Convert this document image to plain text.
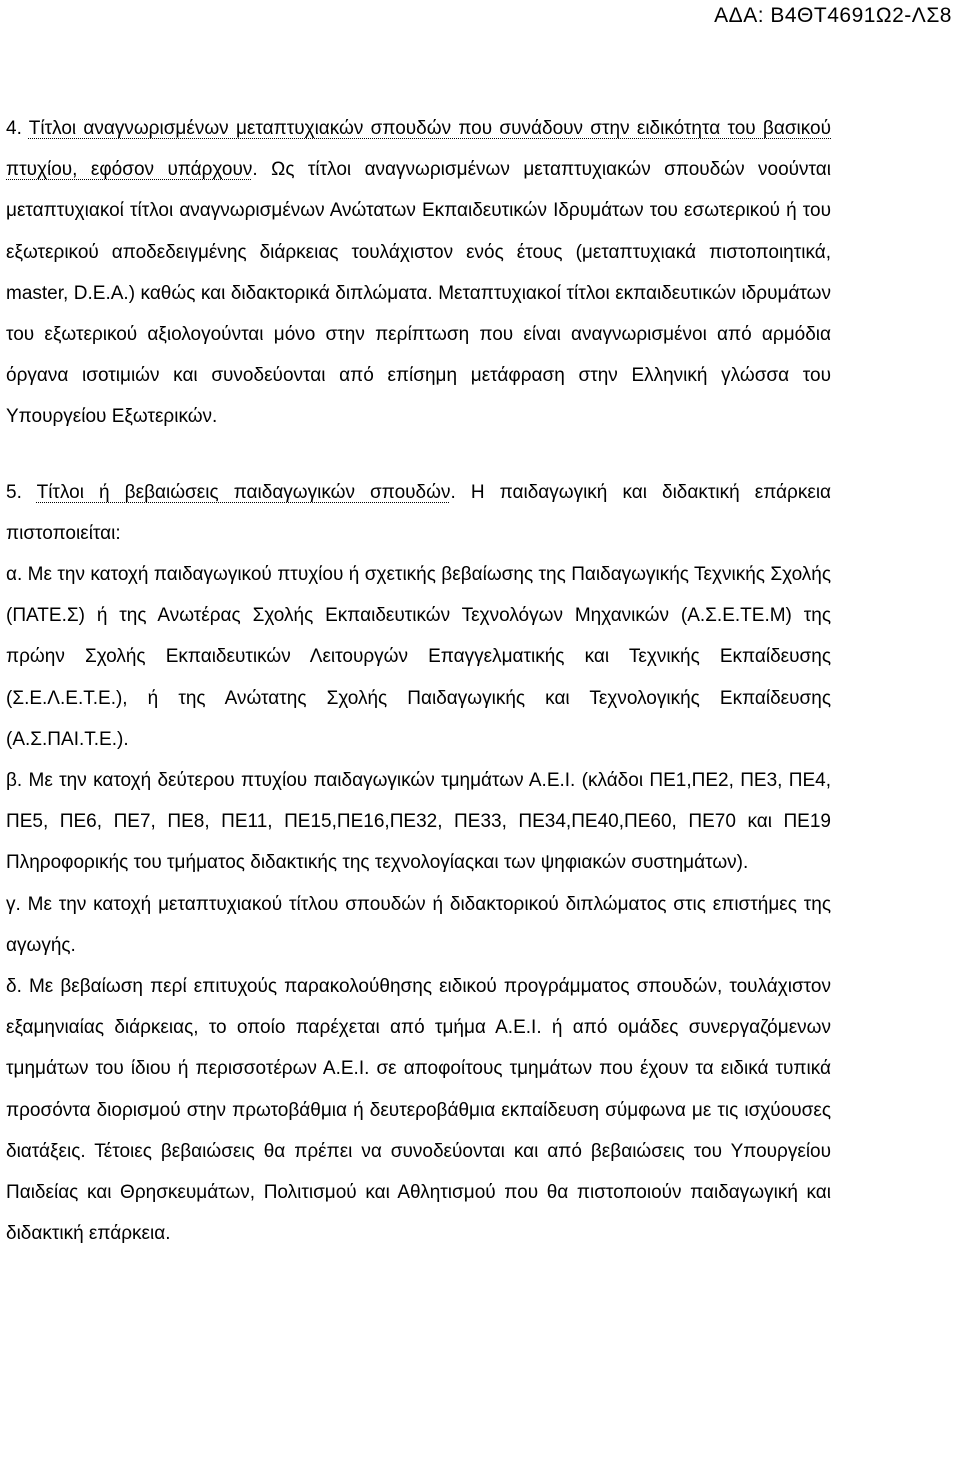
ΑΔΑ: Β4ΘΤ4691Ω2-ΛΣ8

4. Τίτλοι αναγνωρισμένων μεταπτυχιακών σπουδών που συνάδουν στην ειδικότητα του βασικού πτυχίου, εφόσον υπάρχουν. Ως τίτλοι αναγνωρισμένων μεταπτυχιακών σπουδών νοούνται μεταπτυχιακοί τίτλοι αναγνωρισμένων Ανώτατων Εκπαιδευτικών Ιδρυμάτων του εσωτερικού ή του εξωτερικού αποδεδειγμένης διάρκειας τουλάχιστον ενός έτους (μεταπτυχιακά πιστοποιητικά, master, D.E.A.) καθώς και διδακτορικά διπλώματα. Μεταπτυχιακοί τίτλοι εκπαιδευτικών ιδρυμάτων του εξωτερικού αξιολογούνται μόνο στην περίπτωση που είναι αναγνωρισμένοι από αρμόδια όργανα ισοτιμιών και συνοδεύονται από επίσημη μετάφραση στην Ελληνική γλώσσα του Υπουργείου Εξωτερικών.

5. Τίτλοι ή βεβαιώσεις παιδαγωγικών σπουδών. Η παιδαγωγική και διδακτική επάρκεια πιστοποιείται:

α. Με την κατοχή παιδαγωγικού πτυχίου ή σχετικής βεβαίωσης της Παιδαγωγικής Τεχνικής Σχολής (ΠΑΤΕ.Σ) ή της Ανωτέρας Σχολής Εκπαιδευτικών Τεχνολόγων Μηχανικών (Α.Σ.Ε.ΤΕ.Μ) της πρώην Σχολής Εκπαιδευτικών Λειτουργών Επαγγελματικής και Τεχνικής Εκπαίδευσης (Σ.Ε.Λ.Ε.Τ.Ε.), ή της Ανώτατης Σχολής Παιδαγωγικής και Τεχνολογικής Εκπαίδευσης (Α.Σ.ΠΑΙ.Τ.Ε.).

β. Με την κατοχή δεύτερου πτυχίου παιδαγωγικών τμημάτων Α.Ε.Ι. (κλάδοι ΠΕ1,ΠΕ2, ΠΕ3, ΠΕ4, ΠΕ5, ΠΕ6, ΠΕ7, ΠΕ8, ΠΕ11, ΠΕ15,ΠΕ16,ΠΕ32, ΠΕ33, ΠΕ34,ΠΕ40,ΠΕ60, ΠΕ70 και ΠΕ19 Πληροφορικής του τμήματος διδακτικής της τεχνολογίαςκαι των ψηφιακών συστημάτων).

γ. Με την κατοχή μεταπτυχιακού τίτλου σπουδών ή διδακτορικού διπλώματος στις επιστήμες της αγωγής.

δ. Με βεβαίωση περί επιτυχούς παρακολούθησης ειδικού προγράμματος σπουδών, τουλάχιστον εξαμηνιαίας διάρκειας, το οποίο παρέχεται από τμήμα Α.Ε.Ι. ή από ομάδες συνεργαζόμενων τμημάτων του ίδιου ή περισσοτέρων Α.Ε.Ι. σε αποφοίτους τμημάτων που έχουν τα ειδικά τυπικά προσόντα διορισμού στην πρωτοβάθμια ή δευτεροβάθμια εκπαίδευση σύμφωνα με τις ισχύουσες διατάξεις. Τέτοιες βεβαιώσεις θα πρέπει να συνοδεύονται και από βεβαιώσεις του Υπουργείου Παιδείας και Θρησκευμάτων, Πολιτισμού και Αθλητισμού που θα πιστοποιούν παιδαγωγική και διδακτική επάρκεια.
